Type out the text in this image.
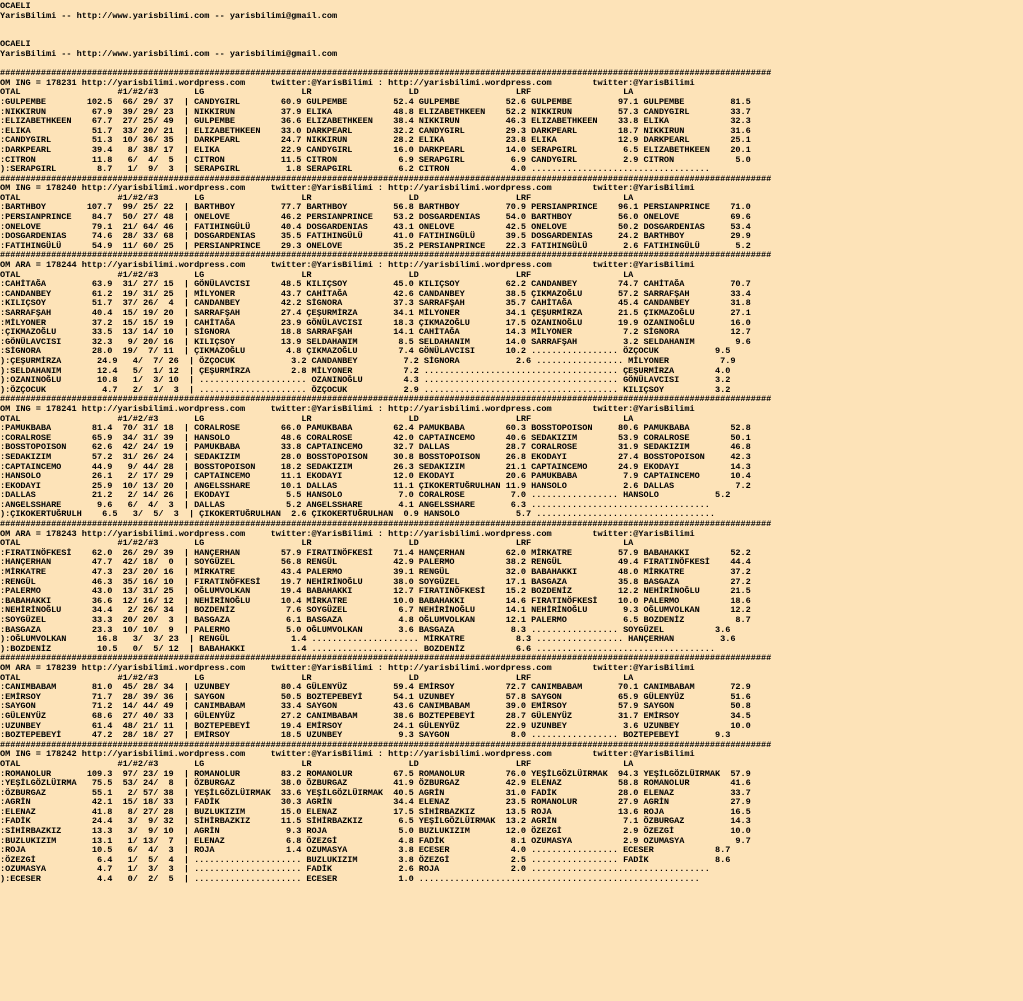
OCAELI
YarisBilimi -- http://www.yarisbilimi.com -- yarisbilimi@gmail.com

OCAELI
YarisBilimi -- http://www.yarisbilimi.com -- yarisbilimi@gmail.com

#######################################################################################################################################################
OM ING = 178231 http://yarisbilimi.wordpress.com     twitter:@YarisBilimi : http://yarisbilimi.wordpress.com        twitter:@YarisBilimi
OTAL                   #1/#2/#3       LG                   LR                   LD                   LRF                  LA
:GULPEMBE        102.5  66/ 29/ 37  | CANDYGIRL        60.9 GULPEMBE         52.4 GULPEMBE         52.6 GULPEMBE         97.1 GULPEMBE         81.5
:NIKKIRUN         67.9  39/ 29/ 23  | NIKKIRUN         37.9 ELIKA            48.8 ELIZABETHKEEN    52.2 NIKKIRUN         57.3 CANDYGIRL        33.7
:ELIZABETHKEEN    67.7  27/ 25/ 49  | GULPEMBE         36.6 ELIZABETHKEEN    38.4 NIKKIRUN         46.3 ELIZABETHKEEN    33.8 ELIKA            32.3
:ELIKA            51.7  33/ 20/ 21  | ELIZABETHKEEN    33.0 DARKPEARL        32.2 CANDYGIRL        29.3 DARKPEARL        18.7 NIKKIRUN         31.6
:CANDYGIRL        51.3  10/ 36/ 35  | DARKPEARL        24.7 NIKKIRUN         28.2 ELIKA            23.8 ELIKA            12.9 DARKPEARL        25.1
:DARKPEARL        39.4   8/ 38/ 17  | ELIKA            22.9 CANDYGIRL        16.0 DARKPEARL        14.0 SERAPGIRL         6.5 ELIZABETHKEEN    20.1
:CITRON           11.8   6/  4/  5  | CITRON           11.5 CITRON            6.9 SERAPGIRL         6.9 CANDYGIRL         2.9 CITRON            5.0
):SERAPGIRL        8.7   1/  9/  3  | SERAPGIRL         1.8 SERAPGIRL         6.2 CITRON            4.0 ...................................
#######################################################################################################################################################
OM ING = 178240 http://yarisbilimi.wordpress.com     twitter:@YarisBilimi : http://yarisbilimi.wordpress.com        twitter:@YarisBilimi
OTAL                   #1/#2/#3       LG                   LR                   LD                   LRF                  LA
:BARTHBOY        107.7  99/ 25/ 22  | BARTHBOY         77.7 BARTHBOY         56.8 BARTHBOY         70.9 PERSIANPRINCE    96.1 PERSIANPRINCE    71.0
:PERSIANPRINCE    84.7  50/ 27/ 48  | ONELOVE          46.2 PERSIANPRINCE    53.2 DOSGARDENIAS     54.0 BARTHBOY         56.0 ONELOVE          69.6
:ONELOVE          79.1  21/ 64/ 46  | FATIHINGÜLÜ      40.4 DOSGARDENIAS     43.1 ONELOVE          42.5 ONELOVE          50.2 DOSGARDENIAS     53.4
:DOSGARDENIAS     74.6  28/ 33/ 68  | DOSGARDENIAS     35.5 FATIHINGÜLÜ      41.0 FATIHINGÜLÜ      39.5 DOSGARDENIAS     24.2 BARTHBOY         29.9
:FATIHINGÜLÜ      54.9  11/ 60/ 25  | PERSIANPRINCE    29.3 ONELOVE          35.2 PERSIANPRINCE    22.3 FATIHINGÜLÜ       2.6 FATIHINGÜLÜ       5.2
#######################################################################################################################################################
OM ARA = 178244 http://yarisbilimi.wordpress.com     twitter:@YarisBilimi : http://yarisbilimi.wordpress.com        twitter:@YarisBilimi
OTAL                   #1/#2/#3       LG                   LR                   LD                   LRF                  LA
:CAHİTAĞA         63.9  31/ 27/ 15  | GÖNÜLAVCISI      48.5 KILIÇSOY         45.0 KILIÇSOY         62.2 CANDANBEY        74.7 CAHİTAĞA         70.7
:CANDANBEY        61.2  19/ 31/ 25  | MİLYONER         43.7 CAHİTAĞA         42.6 CANDANBEY        38.5 ÇIKMAZOĞLU       57.2 SARRAFŞAH        33.4
:KILIÇSOY         51.7  37/ 26/  4  | CANDANBEY        42.2 SİGNORA          37.3 SARRAFŞAH        35.7 CAHİTAĞA         45.4 CANDANBEY        31.8
:SARRAFŞAH        40.4  15/ 19/ 20  | SARRAFŞAH        27.4 ÇEŞURMİRZA       34.1 MİLYONER         34.1 ÇEŞURMİRZA       21.5 ÇIKMAZOĞLU       27.1
:MİLYONER         37.2  15/ 15/ 19  | CAHİTAĞA         23.9 GÖNÜLAVCISI      18.3 ÇIKMAZOĞLU       17.5 OZANINOĞLU       19.9 OZANINOĞLU       16.0
:ÇIKMAZOĞLU       33.5  13/ 14/ 10  | SİGNORA          18.8 SARRAFŞAH        14.1 CAHİTAĞA         14.3 MİLYONER          7.2 SİGNORA          12.7
:GÖNÜLAVCISI      32.3   9/ 20/ 16  | KILIÇSOY         13.9 SELDAHANIM        8.5 SELDAHANIM       14.0 SARRAFŞAH         3.2 SELDAHANIM        9.6
:SİGNORA          28.0  19/  7/ 11  | ÇIKMAZOĞLU        4.8 ÇIKMAZOĞLU        7.4 GÖNÜLAVCISI      10.2 ................. ÖZÇOCUK           9.5
):ÇEŞURMİRZA       24.9   4/  7/ 26  | ÖZÇOCUK           3.2 CANDANBEY         7.2 SİGNORA           2.6 ................. MİLYONER          7.9
):SELDAHANIM       12.4   5/  1/ 12  | ÇEŞURMİRZA        2.8 MİLYONER          7.2 ...................................... ÇEŞURMİRZA        4.0
):OZANINOĞLU       10.8   1/  3/ 10  | ..................... OZANINOĞLU        4.3 ...................................... GÖNÜLAVCISI       3.2
):ÖZÇOCUK           4.7   2/  1/  3  | ..................... ÖZÇOCUK           2.9 ...................................... KILIÇSOY          3.2
#######################################################################################################################################################
OM ING = 178241 http://yarisbilimi.wordpress.com     twitter:@YarisBilimi : http://yarisbilimi.wordpress.com        twitter:@YarisBilimi
OTAL                   #1/#2/#3       LG                   LR                   LD                   LRF                  LA
:PAMUKBABA        81.4  70/ 31/ 18  | CORALROSE        66.0 PAMUKBABA        62.4 PAMUKBABA        60.3 BOSSTOPOISON     80.6 PAMUKBABA        52.8
:CORALROSE        65.9  34/ 31/ 39  | HANSOLO          48.6 CORALROSE        42.0 CAPTAINCEMO      40.6 SEDAKIZIM        53.9 CORALROSE        50.1
:BOSSTOPOISON     62.6  42/ 24/ 19  | PAMUKBABA        33.8 CAPTAINCEMO      32.7 DALLAS           28.7 CORALROSE        31.9 SEDAKIZIM        46.8
:SEDAKIZIM        57.2  31/ 26/ 24  | SEDAKIZIM        28.0 BOSSTOPOISON     30.8 BOSSTOPOISON     26.8 EKODAYI          27.4 BOSSTOPOISON     42.3
:CAPTAINCEMO      44.9   9/ 44/ 28  | BOSSTOPOISON     18.2 SEDAKIZIM        26.3 SEDAKIZIM        21.1 CAPTAINCEMO      24.9 EKODAYI          14.3
:HANSOLO          26.1   2/ 17/ 29  | CAPTAINCEMO      11.1 EKODAYI          12.0 EKODAYI          20.6 PAMUKBABA         7.9 CAPTAINCEMO      10.4
:EKODAYI          25.9  10/ 13/ 20  | ANGELSSHARE      10.1 DALLAS           11.1 ÇIKOKERTUĞRULHAN 11.9 HANSOLO           2.6 DALLAS            7.2
:DALLAS           21.2   2/ 14/ 26  | EKODAYI           5.5 HANSOLO           7.0 CORALROSE         7.0 ................. HANSOLO           5.2
:ANGELSSHARE       9.6   6/  4/  3  | DALLAS            5.2 ANGELSSHARE       4.1 ANGELSSHARE       6.3 ...................................
):ÇIKOKERTUĞRULH    6.5   3/  5/  3  | ÇIKOKERTUĞRULHAN  2.6 ÇIKOKERTUĞRULHAN  0.9 HANSOLO           5.7 ...................................
#######################################################################################################################################################
OM ARA = 178243 http://yarisbilimi.wordpress.com     twitter:@YarisBilimi : http://yarisbilimi.wordpress.com        twitter:@YarisBilimi
OTAL                   #1/#2/#3       LG                   LR                   LD                   LRF                  LA
:FIRATINÖFKESİ    62.0  26/ 29/ 39  | HANÇERHAN        57.9 FIRATINÖFKESİ    71.4 HANÇERHAN        62.0 MİRKATRE         57.9 BABAHAKKI        52.2
:HANÇERHAN        47.7  42/ 18/  0  | SOYGÜZEL         56.8 RENGÜL           42.9 PALERMO          38.2 RENGÜL           49.4 FIRATINÖFKESİ    44.4
:MİRKATRE         47.3  23/ 20/ 16  | MİRKATRE         43.4 PALERMO          39.1 RENGÜL           32.0 BABAHAKKI        48.0 MİRKATRE         37.2
:RENGÜL           46.3  35/ 16/ 10  | FIRATINÖFKESİ    19.7 NEHİRİNOĞLU      38.0 SOYGÜZEL         17.1 BASGAZA          35.8 BASGAZA          27.2
:PALERMO          43.0  13/ 31/ 25  | OĞLUMVOLKAN      19.4 BABAHAKKI        12.7 FIRATINÖFKESİ    15.2 BOZDENİZ         12.2 NEHİRİNOĞLU      21.5
:BABAHAKKI        36.6  12/ 16/ 12  | NEHİRİNOĞLU      10.4 MİRKATRE         10.0 BABAHAKKI        14.6 FIRATINÖFKESİ    10.0 PALERMO          18.6
:NEHİRİNOĞLU      34.4   2/ 26/ 34  | BOZDENİZ          7.6 SOYGÜZEL          6.7 NEHİRİNOĞLU      14.1 NEHİRİNOĞLU       9.3 OĞLUMVOLKAN      12.2
:SOYGÜZEL         33.3  20/ 20/  3  | BASGAZA           6.1 BASGAZA           4.8 OĞLUMVOLKAN      12.1 PALERMO           6.5 BOZDENİZ          8.7
:BASGAZA          23.3  10/ 10/  9  | PALERMO           5.0 OĞLUMVOLKAN       3.6 BASGAZA           8.3 ................. SOYGÜZEL          3.6
):OĞLUMVOLKAN      16.8   3/  3/ 23  | RENGÜL            1.4 ..................... MİRKATRE          8.3 ................. HANÇERHAN         3.6
):BOZDENİZ         10.5   0/  5/ 12  | BABAHAKKI         1.4 ..................... BOZDENİZ          6.6 ...................................
#######################################################################################################################################################
OM ARA = 178239 http://yarisbilimi.wordpress.com     twitter:@YarisBilimi : http://yarisbilimi.wordpress.com        twitter:@YarisBilimi
OTAL                   #1/#2/#3       LG                   LR                   LD                   LRF                  LA
:CANIMBABAM       81.0  45/ 28/ 34  | UZUNBEY          80.4 GÜLENYÜZ         59.4 EMİRSOY          72.7 CANIMBABAM       70.1 CANIMBABAM       72.9
:EMİRSOY          71.7  28/ 39/ 36  | SAYGON           50.5 BOZTEPEBEYİ      54.1 UZUNBEY          57.8 SAYGON           65.9 GÜLENYÜZ         51.6
:SAYGON           71.2  14/ 44/ 49  | CANIMBABAM       33.4 SAYGON           43.6 CANIMBABAM       39.0 EMİRSOY          57.9 SAYGON           50.8
:GÜLENYÜZ         68.6  27/ 40/ 33  | GÜLENYÜZ         27.2 CANIMBABAM       38.6 BOZTEPEBEYİ      28.7 GÜLENYÜZ         31.7 EMİRSOY          34.5
:UZUNBEY          61.4  48/ 21/ 11  | BOZTEPEBEYİ      19.4 EMİRSOY          24.1 GÜLENYÜZ         22.9 UZUNBEY           3.6 UZUNBEY          10.0
:BOZTEPEBEYİ      47.2  28/ 18/ 27  | EMİRSOY          18.5 UZUNBEY           9.3 SAYGON            8.0 ................. BOZTEPEBEYİ       9.3
#######################################################################################################################################################
OM ING = 178242 http://yarisbilimi.wordpress.com     twitter:@YarisBilimi : http://yarisbilimi.wordpress.com        twitter:@YarisBilimi
OTAL                   #1/#2/#3       LG                   LR                   LD                   LRF                  LA
:ROMANOLUR       109.3  97/ 23/ 19  | ROMANOLUR        83.2 ROMANOLUR        67.5 ROMANOLUR        76.0 YEŞİLGÖZLÜIRMAK  94.3 YEŞİLGÖZLÜIRMAK  57.9
:YEŞİLGÖZLÜIRMA   75.5  53/ 24/  8  | ÖZBURGAZ         38.0 ÖZBURGAZ         41.9 ÖZBURGAZ         42.9 ELENAZ           58.8 ROMANOLUR        41.6
:ÖZBURGAZ         55.1   2/ 57/ 38  | YEŞİLGÖZLÜIRMAK  33.6 YEŞİLGÖZLÜIRMAK  40.5 AGRİN            31.0 FADİK            28.0 ELENAZ           33.7
:AGRİN            42.1  15/ 18/ 33  | FADİK            30.3 AGRİN            34.4 ELENAZ           23.5 ROMANOLUR        27.9 AGRİN            27.9
:ELENAZ           41.8   8/ 27/ 28  | BUZLUKIZIM       15.0 ELENAZ           17.5 SİHİRBAZKIZ      13.5 ROJA             13.6 ROJA             16.5
:FADİK            24.4   3/  9/ 32  | SİHİRBAZKIZ      11.5 SİHİRBAZKIZ       6.5 YEŞİLGÖZLÜIRMAK  13.2 AGRİN             7.1 ÖZBURGAZ         14.3
:SİHİRBAZKIZ      13.3   3/  9/ 10  | AGRİN             9.3 ROJA              5.0 BUZLUKIZIM       12.0 ÖZEZGİ            2.9 ÖZEZGİ           10.0
:BUZLUKIZIM       13.1   1/ 13/  7  | ELENAZ            6.8 ÖZEZGİ            4.8 FADİK             8.1 OZUMASYA          2.9 OZUMASYA          9.7
:ROJA             10.5   6/  4/  3  | ROJA              1.4 OZUMASYA          3.8 ECESER            4.0 ................. ECESER            8.7
:ÖZEZGİ            6.4   1/  5/  4  | ..................... BUZLUKIZIM        3.8 ÖZEZGİ            2.5 ................. FADİK             8.6
:OZUMASYA          4.7   1/  3/  3  | ..................... FADİK             2.6 ROJA              2.0 ...................................
):ECESER           4.4   0/  2/  5  | ..................... ECESER            1.0 .......................................................
